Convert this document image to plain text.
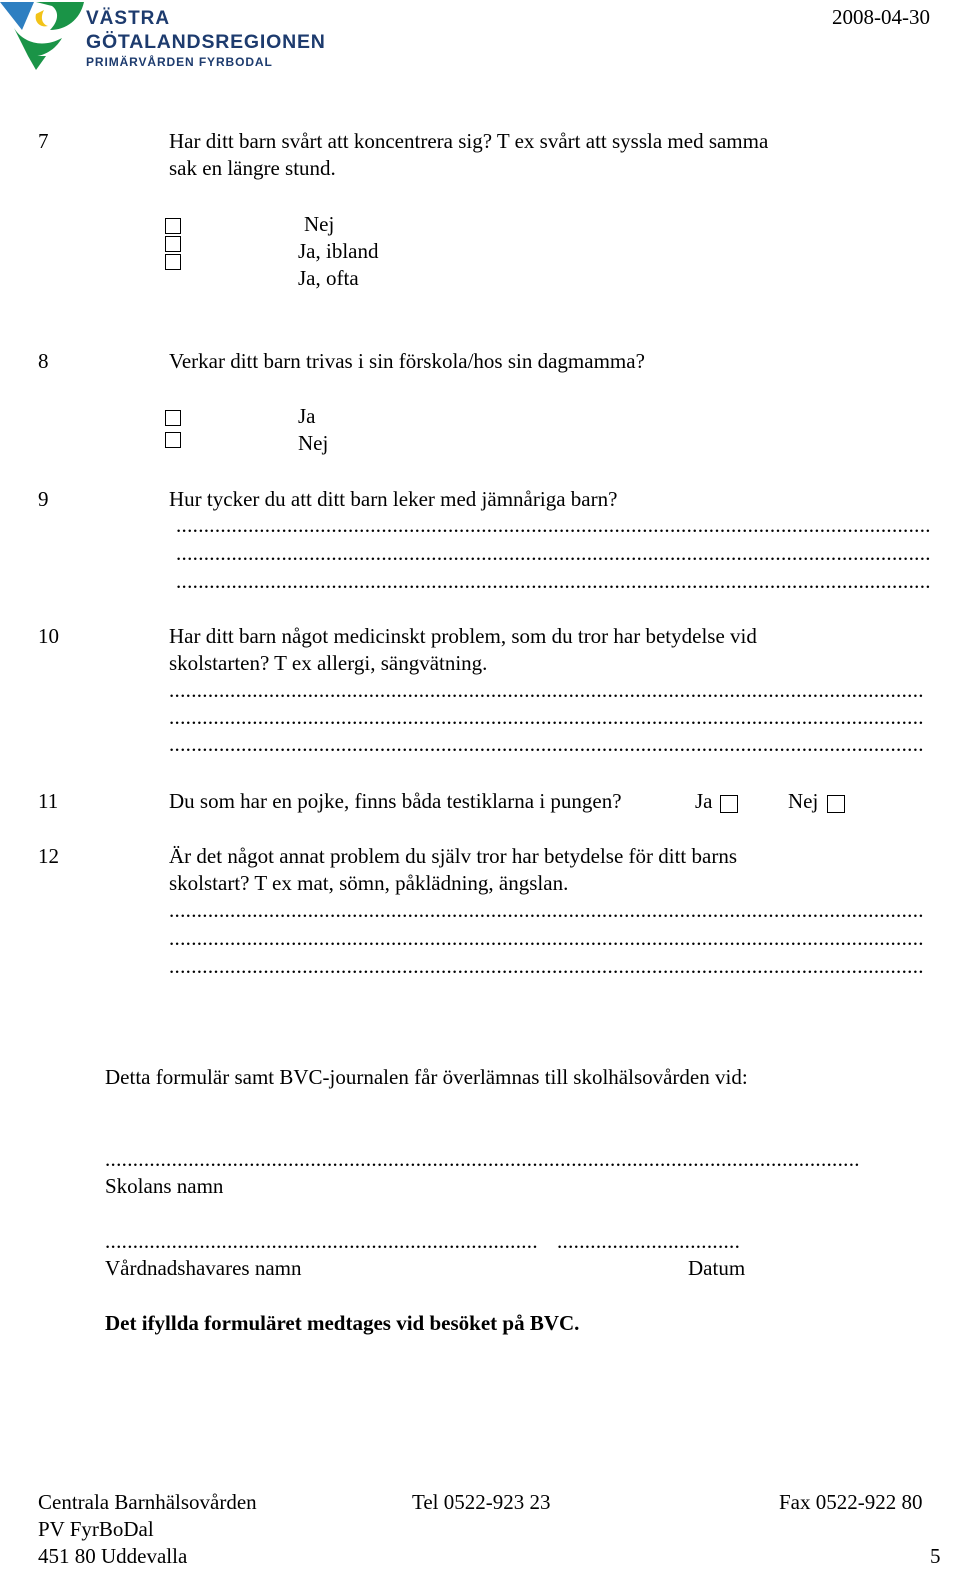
VÄSTRA
GÖTALANDSREGIONEN
PRIMÄRVÅRDEN FYRBODAL
2008-04-30
7	Har ditt barn svårt att koncentrera sig? T ex svårt att syssla med samma
sak en längre stund.
Nej
Ja, ibland
Ja, ofta
8	Verkar ditt barn trivas i sin förskola/hos sin dagmamma?
Ja
Nej
9	Hur tycker du att ditt barn leker med jämnåriga barn?
........................................................................................................................................
........................................................................................................................................
........................................................................................................................................
10	Har ditt barn något medicinskt problem, som du tror har betydelse vid
skolstarten? T ex allergi, sängvätning.
........................................................................................................................................
........................................................................................................................................
........................................................................................................................................
11	Du som har en pojke, finns båda testiklarna i pungen?	Ja	Nej
12	Är det något annat problem du själv tror har betydelse för ditt barns
skolstart? T ex mat, sömn, påklädning, ängslan.
........................................................................................................................................
........................................................................................................................................
........................................................................................................................................
Detta formulär samt BVC-journalen får överlämnas till skolhälsovården vid:
........................................................................................................................................
Skolans namn
.............................................................................. .................................
Vårdnadshavares namn	Datum
Det ifyllda formuläret medtages vid besöket på BVC.
Centrala Barnhälsovården
PV FyrBoDal
451 80 Uddevalla
Tel 0522-923 23	Fax 0522-922 80
5
